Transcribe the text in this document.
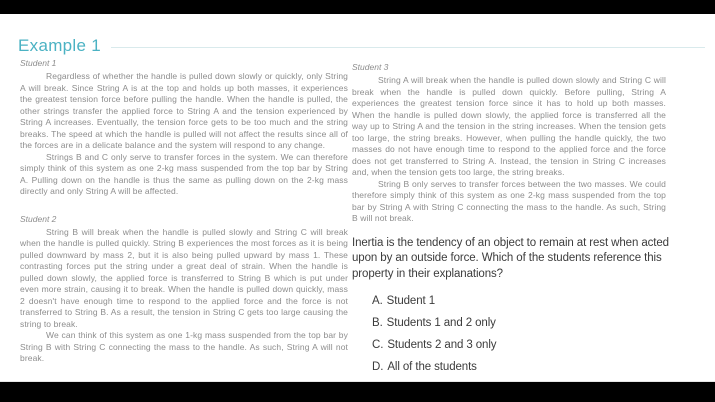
Example 1
Student 1

Regardless of whether the handle is pulled down slowly or quickly, only String A will break. Since String A is at the top and holds up both masses, it experiences the greatest tension force before pulling the handle. When the handle is pulled, the other strings transfer the applied force to String A and the tension experienced by String A increases. Eventually, the tension force gets to be too much and the string breaks. The speed at which the handle is pulled will not affect the results since all of the forces are in a delicate balance and the system will respond to any change.

Strings B and C only serve to transfer forces in the system. We can therefore simply think of this system as one 2-kg mass suspended from the top bar by String A. Pulling down on the handle is thus the same as pulling down on the 2-kg mass directly and only String A will be affected.

Student 2

String B will break when the handle is pulled slowly and String C will break when the handle is pulled quickly. String B experiences the most forces as it is being pulled downward by mass 2, but it is also being pulled upward by mass 1. These contrasting forces put the string under a great deal of strain. When the handle is pulled down slowly, the applied force is transferred to String B which is put under even more strain, causing it to break. When the handle is pulled down quickly, mass 2 doesn't have enough time to respond to the applied force and the force is not transferred to String B. As a result, the tension in String C gets too large causing the string to break.

We can think of this system as one 1-kg mass suspended from the top bar by String B with String C connecting the mass to the handle. As such, String A will not break.

Student 3

String A will break when the handle is pulled down slowly and String C will break when the handle is pulled down quickly. Before pulling, String A experiences the greatest tension force since it has to hold up both masses. When the handle is pulled down slowly, the applied force is transferred all the way up to String A and the tension in the string increases. When the tension gets too large, the string breaks. However, when pulling the handle quickly, the two masses do not have enough time to respond to the applied force and the force does not get transferred to String A. Instead, the tension in String C increases and, when the tension gets too large, the string breaks.

String B only serves to transfer forces between the two masses. We could therefore simply think of this system as one 2-kg mass suspended from the top bar by String A with String C connecting the mass to the handle. As such, String B will not break.

Inertia is the tendency of an object to remain at rest when acted upon by an outside force. Which of the students reference this property in their explanations?
A. Student 1
B. Students 1 and 2 only
C. Students 2 and 3 only
D. All of the students
